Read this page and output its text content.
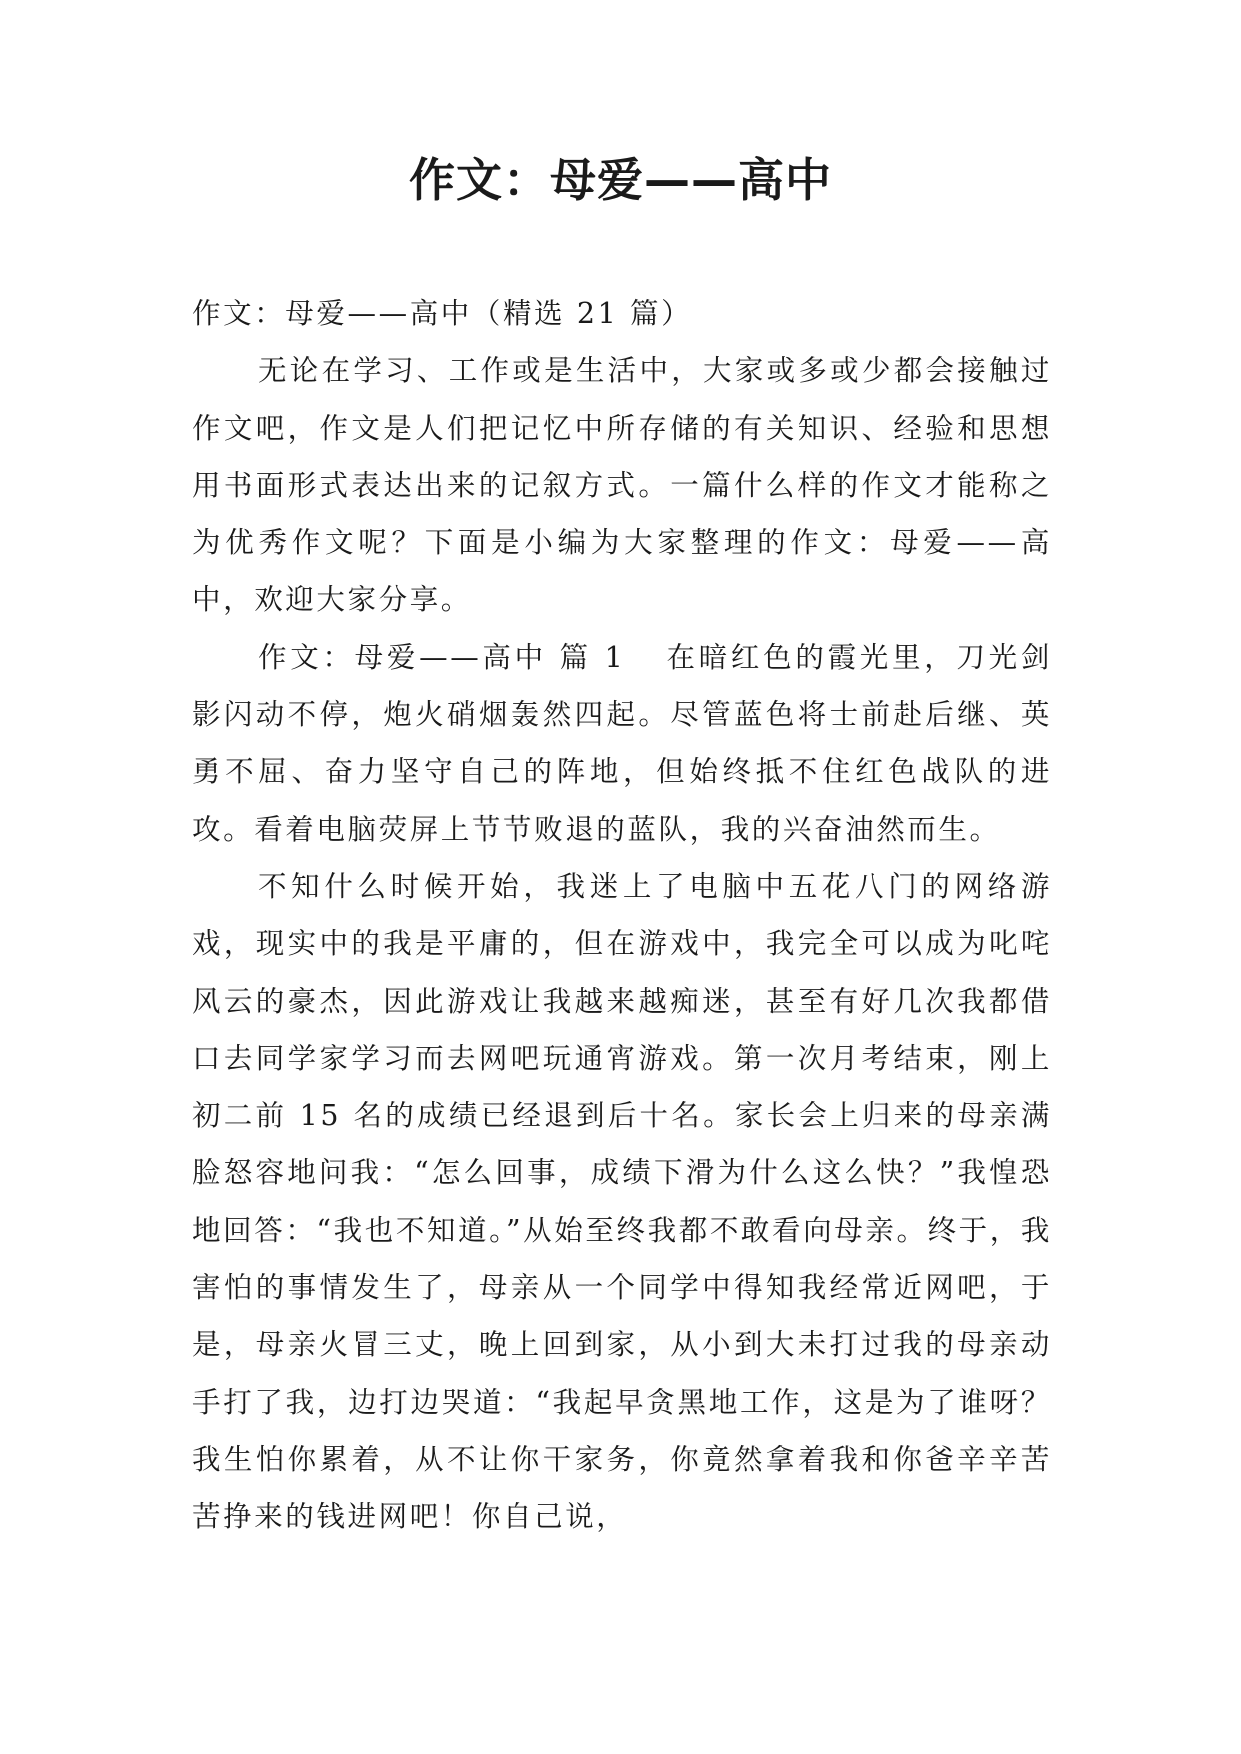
作文：母爱——高中

作文：母爱——高中（精选 21 篇）

无论在学习、工作或是生活中，大家或多或少都会接触过作文吧，作文是人们把记忆中所存储的有关知识、经验和思想用书面形式表达出来的记叙方式。一篇什么样的作文才能称之为优秀作文呢？下面是小编为大家整理的作文：母爱——高中，欢迎大家分享。

作文：母爱——高中 篇 1 在暗红色的霞光里，刀光剑影闪动不停，炮火硝烟轰然四起。尽管蓝色将士前赴后继、英勇不屈、奋力坚守自己的阵地，但始终抵不住红色战队的进攻。看着电脑荧屏上节节败退的蓝队，我的兴奋油然而生。

不知什么时候开始，我迷上了电脑中五花八门的网络游戏，现实中的我是平庸的，但在游戏中，我完全可以成为叱咤风云的豪杰，因此游戏让我越来越痴迷，甚至有好几次我都借口去同学家学习而去网吧玩通宵游戏。第一次月考结束，刚上初二前 15 名的成绩已经退到后十名。家长会上归来的母亲满脸怒容地问我：“怎么回事，成绩下滑为什么这么快？”我惶恐地回答：“我也不知道。”从始至终我都不敢看向母亲。终于，我害怕的事情发生了，母亲从一个同学中得知我经常近网吧，于是，母亲火冒三丈，晚上回到家，从小到大未打过我的母亲动手打了我，边打边哭道：“我起早贪黑地工作，这是为了谁呀？我生怕你累着，从不让你干家务，你竟然拿着我和你爸辛辛苦苦挣来的钱进网吧！你自己说，
